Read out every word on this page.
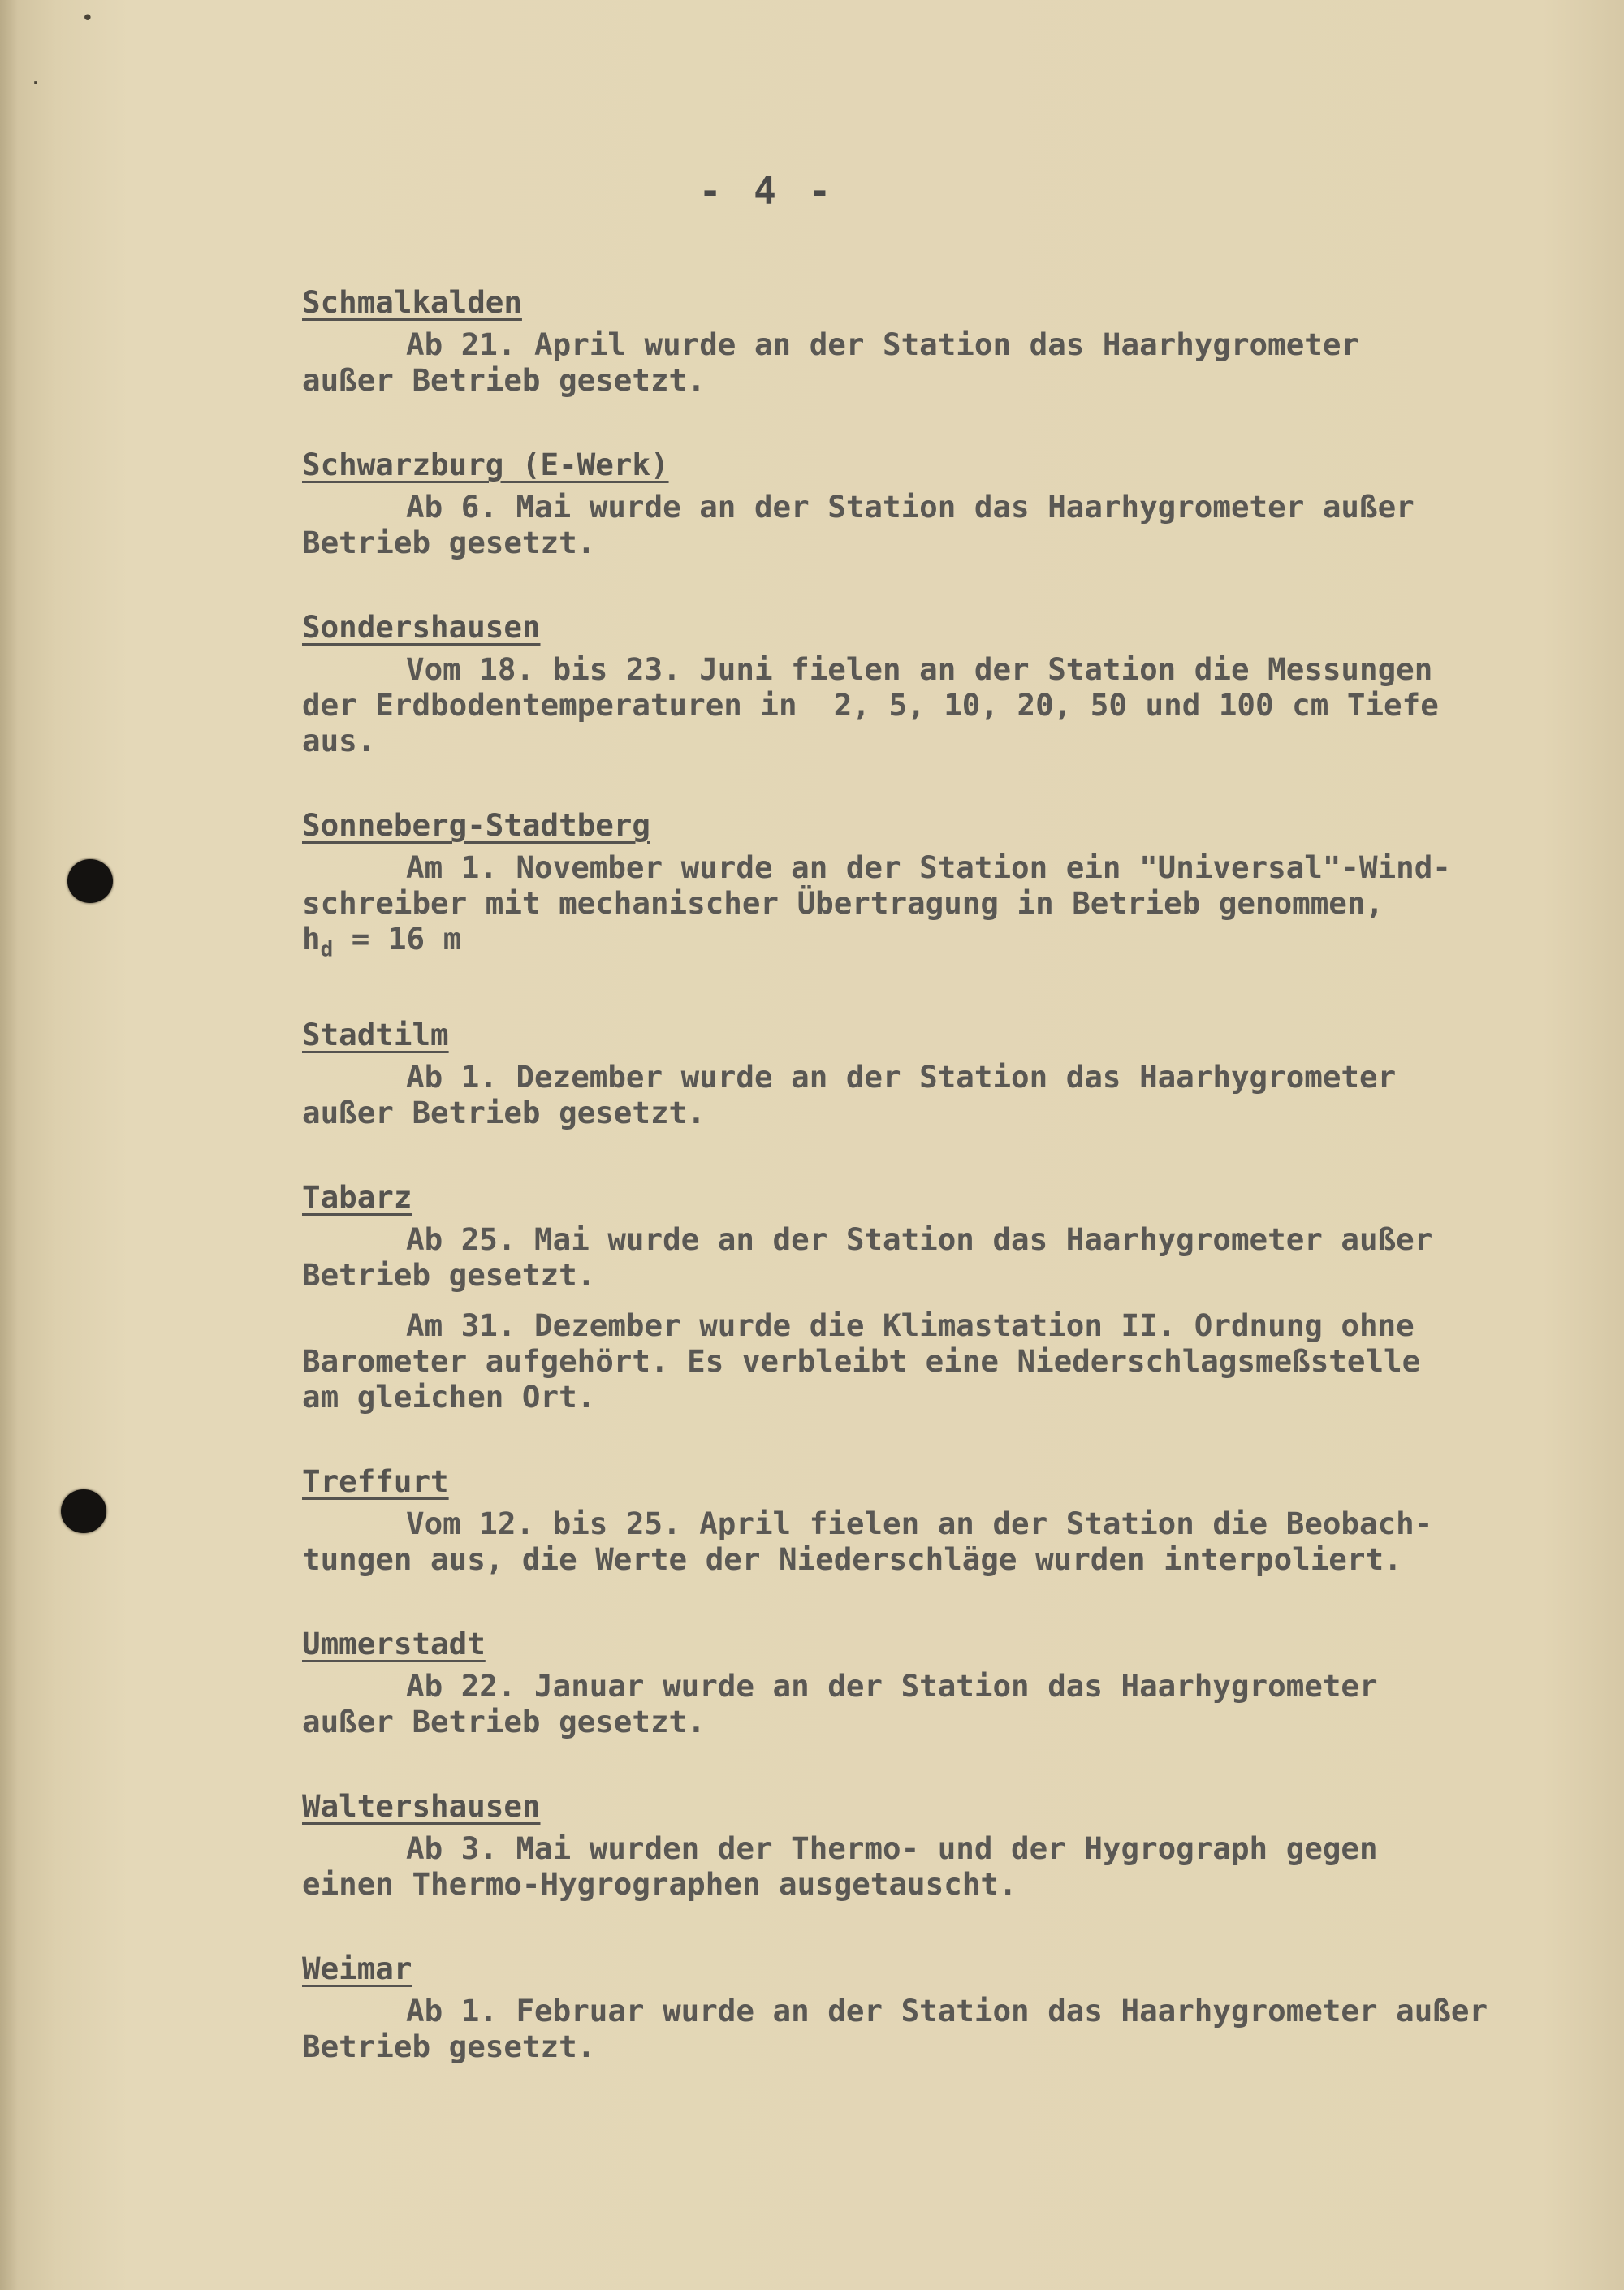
•
·
- 4 -
Schmalkalden

Ab 21. April wurde an der Station das Haarhygrometer
außer Betrieb gesetzt.

Schwarzburg (E-Werk)

Ab 6. Mai wurde an der Station das Haarhygrometer außer
Betrieb gesetzt.

Sondershausen

Vom 18. bis 23. Juni fielen an der Station die Messungen
der Erdbodentemperaturen in  2, 5, 10, 20, 50 und 100 cm Tiefe
aus.

Sonneberg-Stadtberg

Am 1. November wurde an der Station ein "Universal"-Wind-
schreiber mit mechanischer Übertragung in Betrieb genommen,
$h_d = 16$ m

Stadtilm

Ab 1. Dezember wurde an der Station das Haarhygrometer
außer Betrieb gesetzt.

Tabarz

Ab 25. Mai wurde an der Station das Haarhygrometer außer
Betrieb gesetzt.

Am 31. Dezember wurde die Klimastation II. Ordnung ohne
Barometer aufgehört. Es verbleibt eine Niederschlagsmeßstelle
am gleichen Ort.

Treffurt

Vom 12. bis 25. April fielen an der Station die Beobach-
tungen aus, die Werte der Niederschläge wurden interpoliert.

Ummerstadt

Ab 22. Januar wurde an der Station das Haarhygrometer
außer Betrieb gesetzt.

Waltershausen

Ab 3. Mai wurden der Thermo- und der Hygrograph gegen
einen Thermo-Hygrographen ausgetauscht.

Weimar

Ab 1. Februar wurde an der Station das Haarhygrometer außer
Betrieb gesetzt.
